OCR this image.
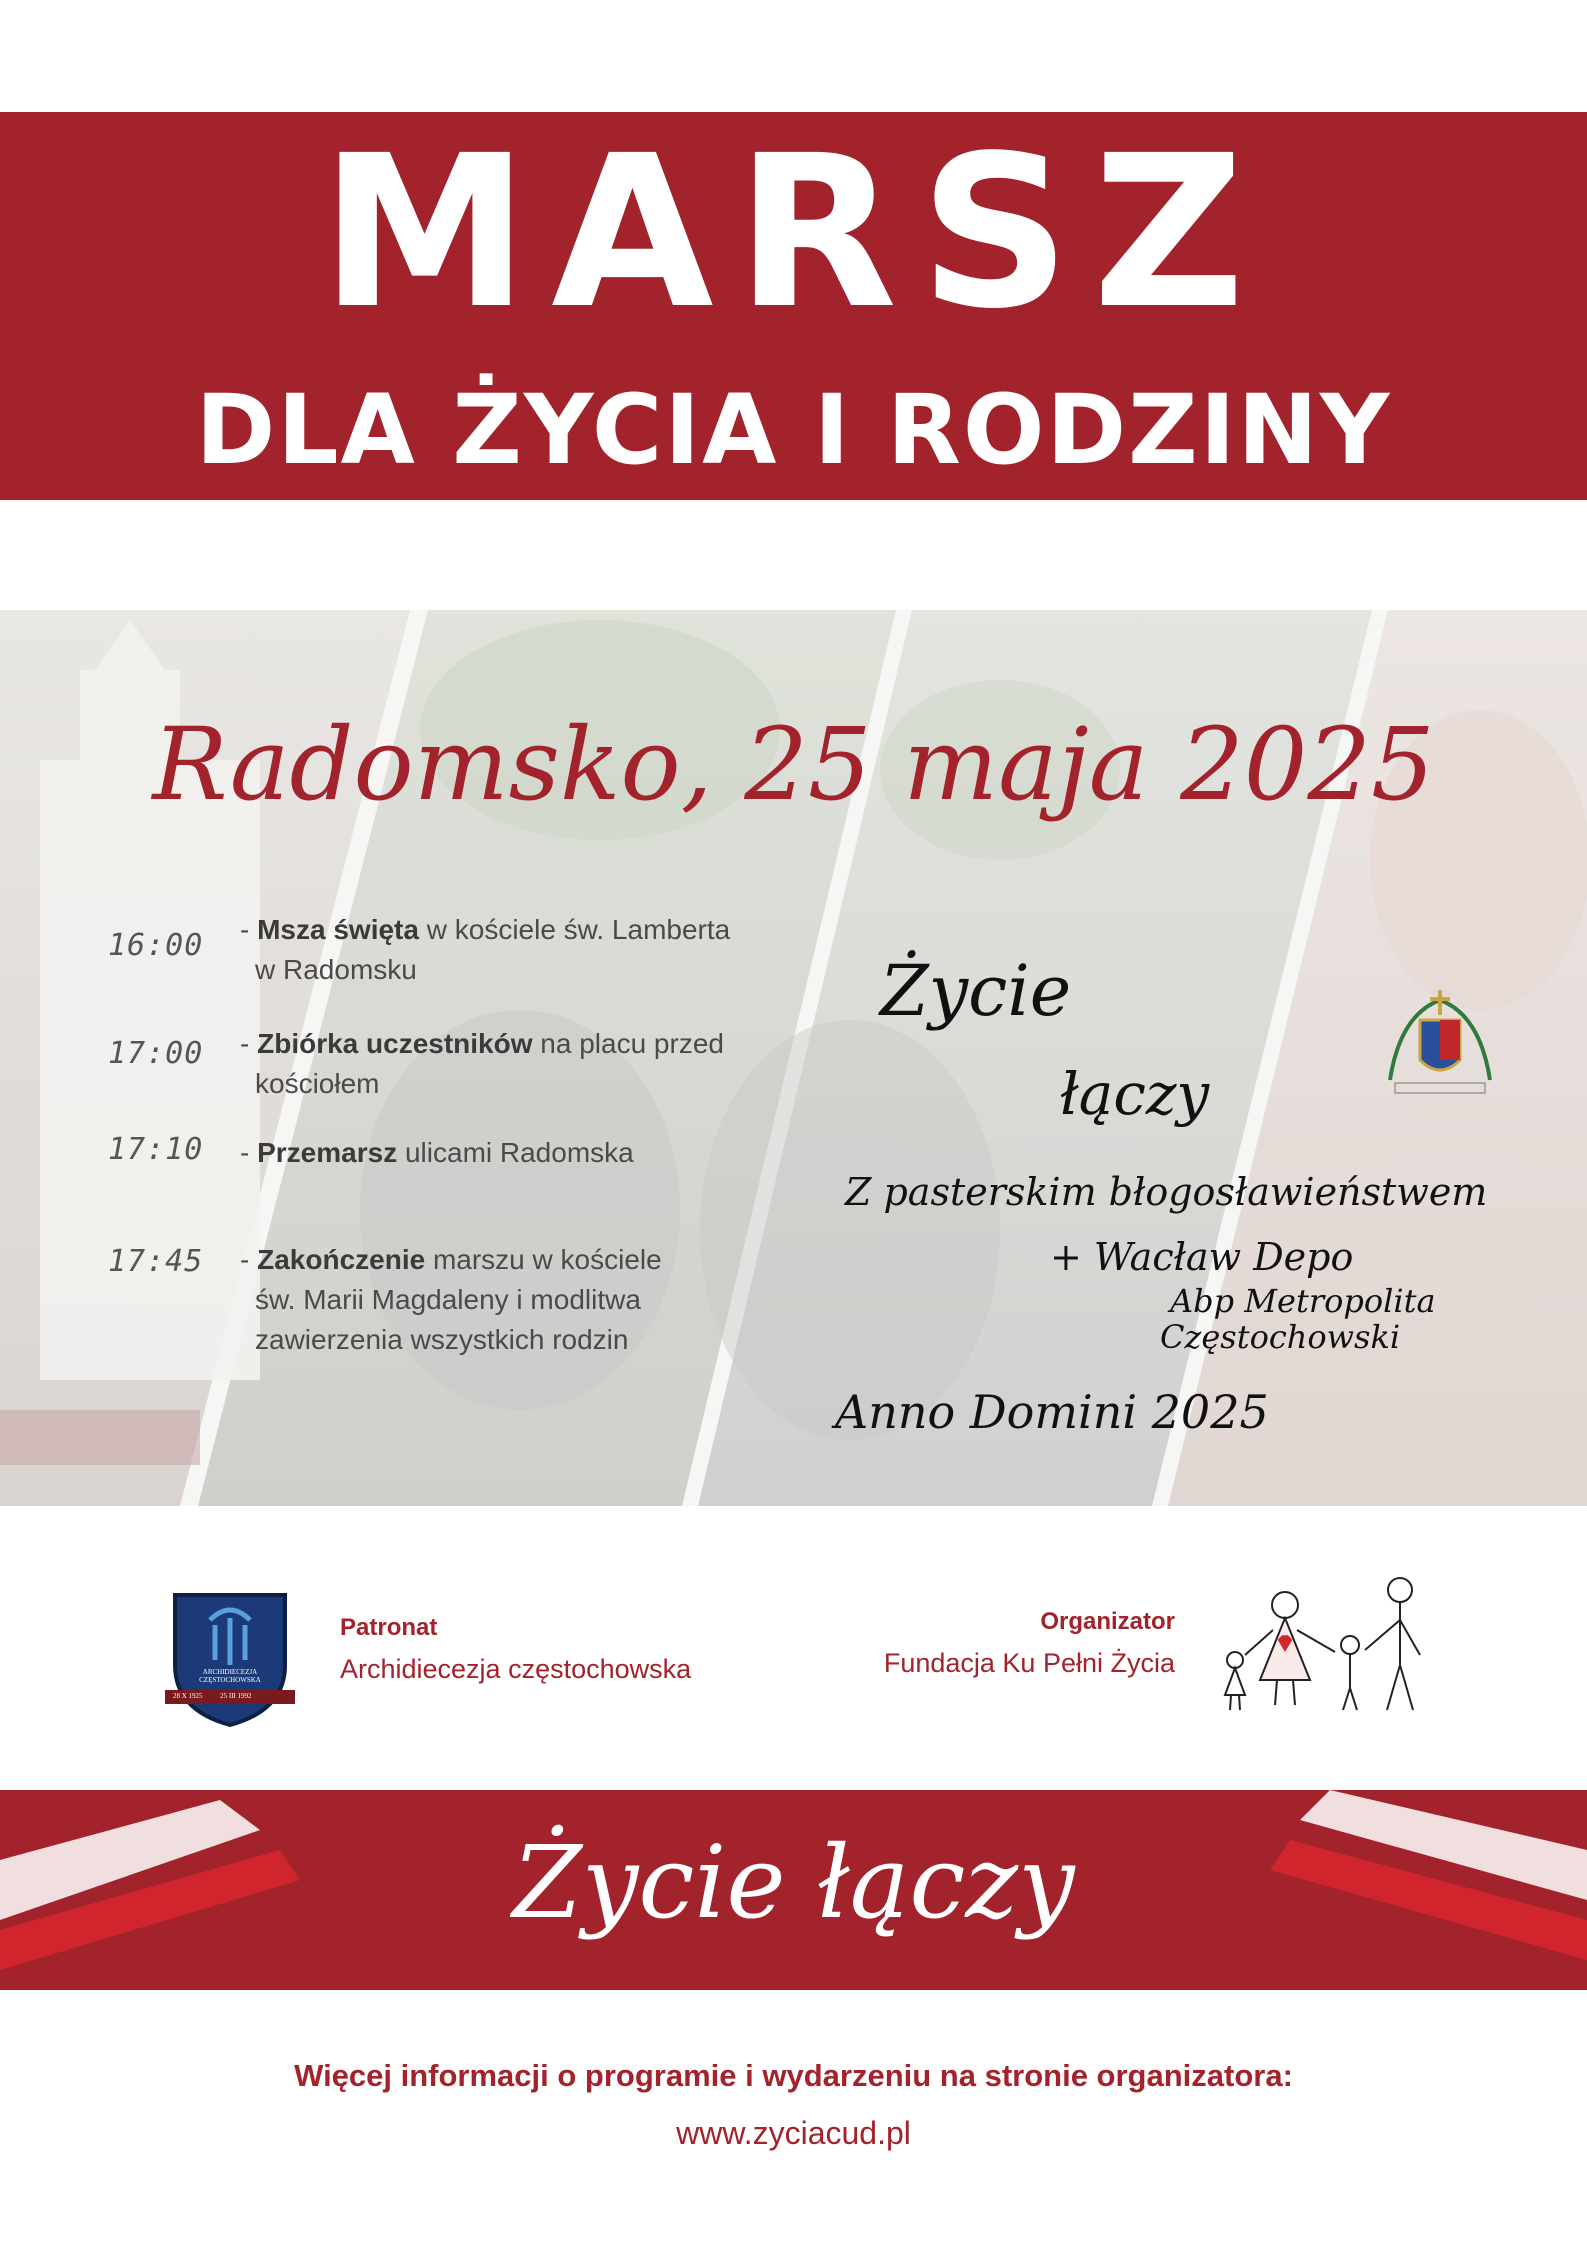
MARSZ
DLA ŻYCIA I RODZINY
Radomsko, 25 maja 2025
16:00 - Msza święta w kościele św. Lamberta
w Radomsku
17:00 - Zbiórka uczestników na placu przed
kościołem
17:10 - Przemarsz ulicami Radomska
17:45 - Zakończenie marszu w kościele
św. Marii Magdaleny i modlitwa
zawierzenia wszystkich rodzin
Życie
łączy
Z pasterskim błogosławieństwem
+ Wacław Depo
Abp Metropolita
Częstochowski
Anno Domini 2025
ARCHIDIECEZJA
CZĘSTOCHOWSKA
28 X 1925	25 III 1992
Patronat
Archidiecezja częstochowska
Organizator
Fundacja Ku Pełni Życia
Życie łączy
Więcej informacji o programie i wydarzeniu na stronie organizatora:
www.zyciacud.pl
